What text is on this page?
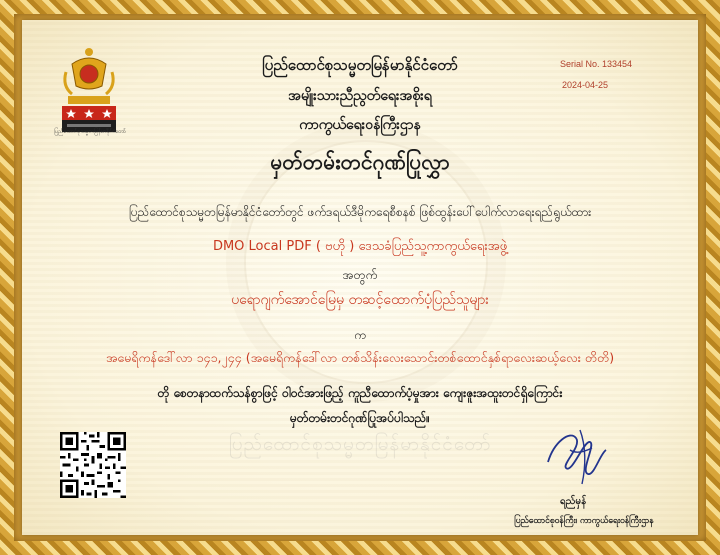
ပြည်ထောင်စုသမ္မတမြန်မာနိုင်ငံတော်
ပြည်ထောင်စုသမ္မတမြန်မာနိုင်ငံတော်
Serial No. 133454
2024-04-25
ပြည်ထောင်စုသမ္မတမြန်မာနိုင်ငံတော်
အမျိုးသားညီညွတ်ရေးအစိုးရ
ကာကွယ်ရေးဝန်ကြီးဌာန
မှတ်တမ်းတင်ဂုဏ်ပြုလွှာ
ပြည်ထောင်စုသမ္မတမြန်မာနိုင်ငံတော်တွင် ဖက်ဒရယ်ဒီမိုကရေစီစနစ် ဖြစ်ထွန်းပေါ်ပေါက်လာရေးရည်ရွယ်ထား
DMO Local PDF ( ဗဟို ) ဒေသခံပြည်သူ့ကာကွယ်ရေးအဖွဲ့
အတွက်
ပရောဂျက်အောင်မြေမှ တဆင့်ထောက်ပံ့ပြည်သူများ
က
အမေရိကန်ဒေါ်လာ ၁၄၁,၂၄၄ (အမေရိကန်ဒေါ်လာ တစ်သိန်းလေးသောင်းတစ်ထောင်နှစ်ရာလေးဆယ့်လေး တိတိ)
တို စေတနာထက်သန်စွာဖြင့် ဝါဝင်အားဖြည့် ကူညီထောက်ပံ့မှုအား ကျေးဇူးအထူးတင်ရှိကြောင်း
မှတ်တမ်းတင်ဂုဏ်ပြုအပ်ပါသည်။
ရည်မှန်
ပြည်ထောင်စုဝန်ကြီး၊ ကာကွယ်ရေးဝန်ကြီးဌာန
